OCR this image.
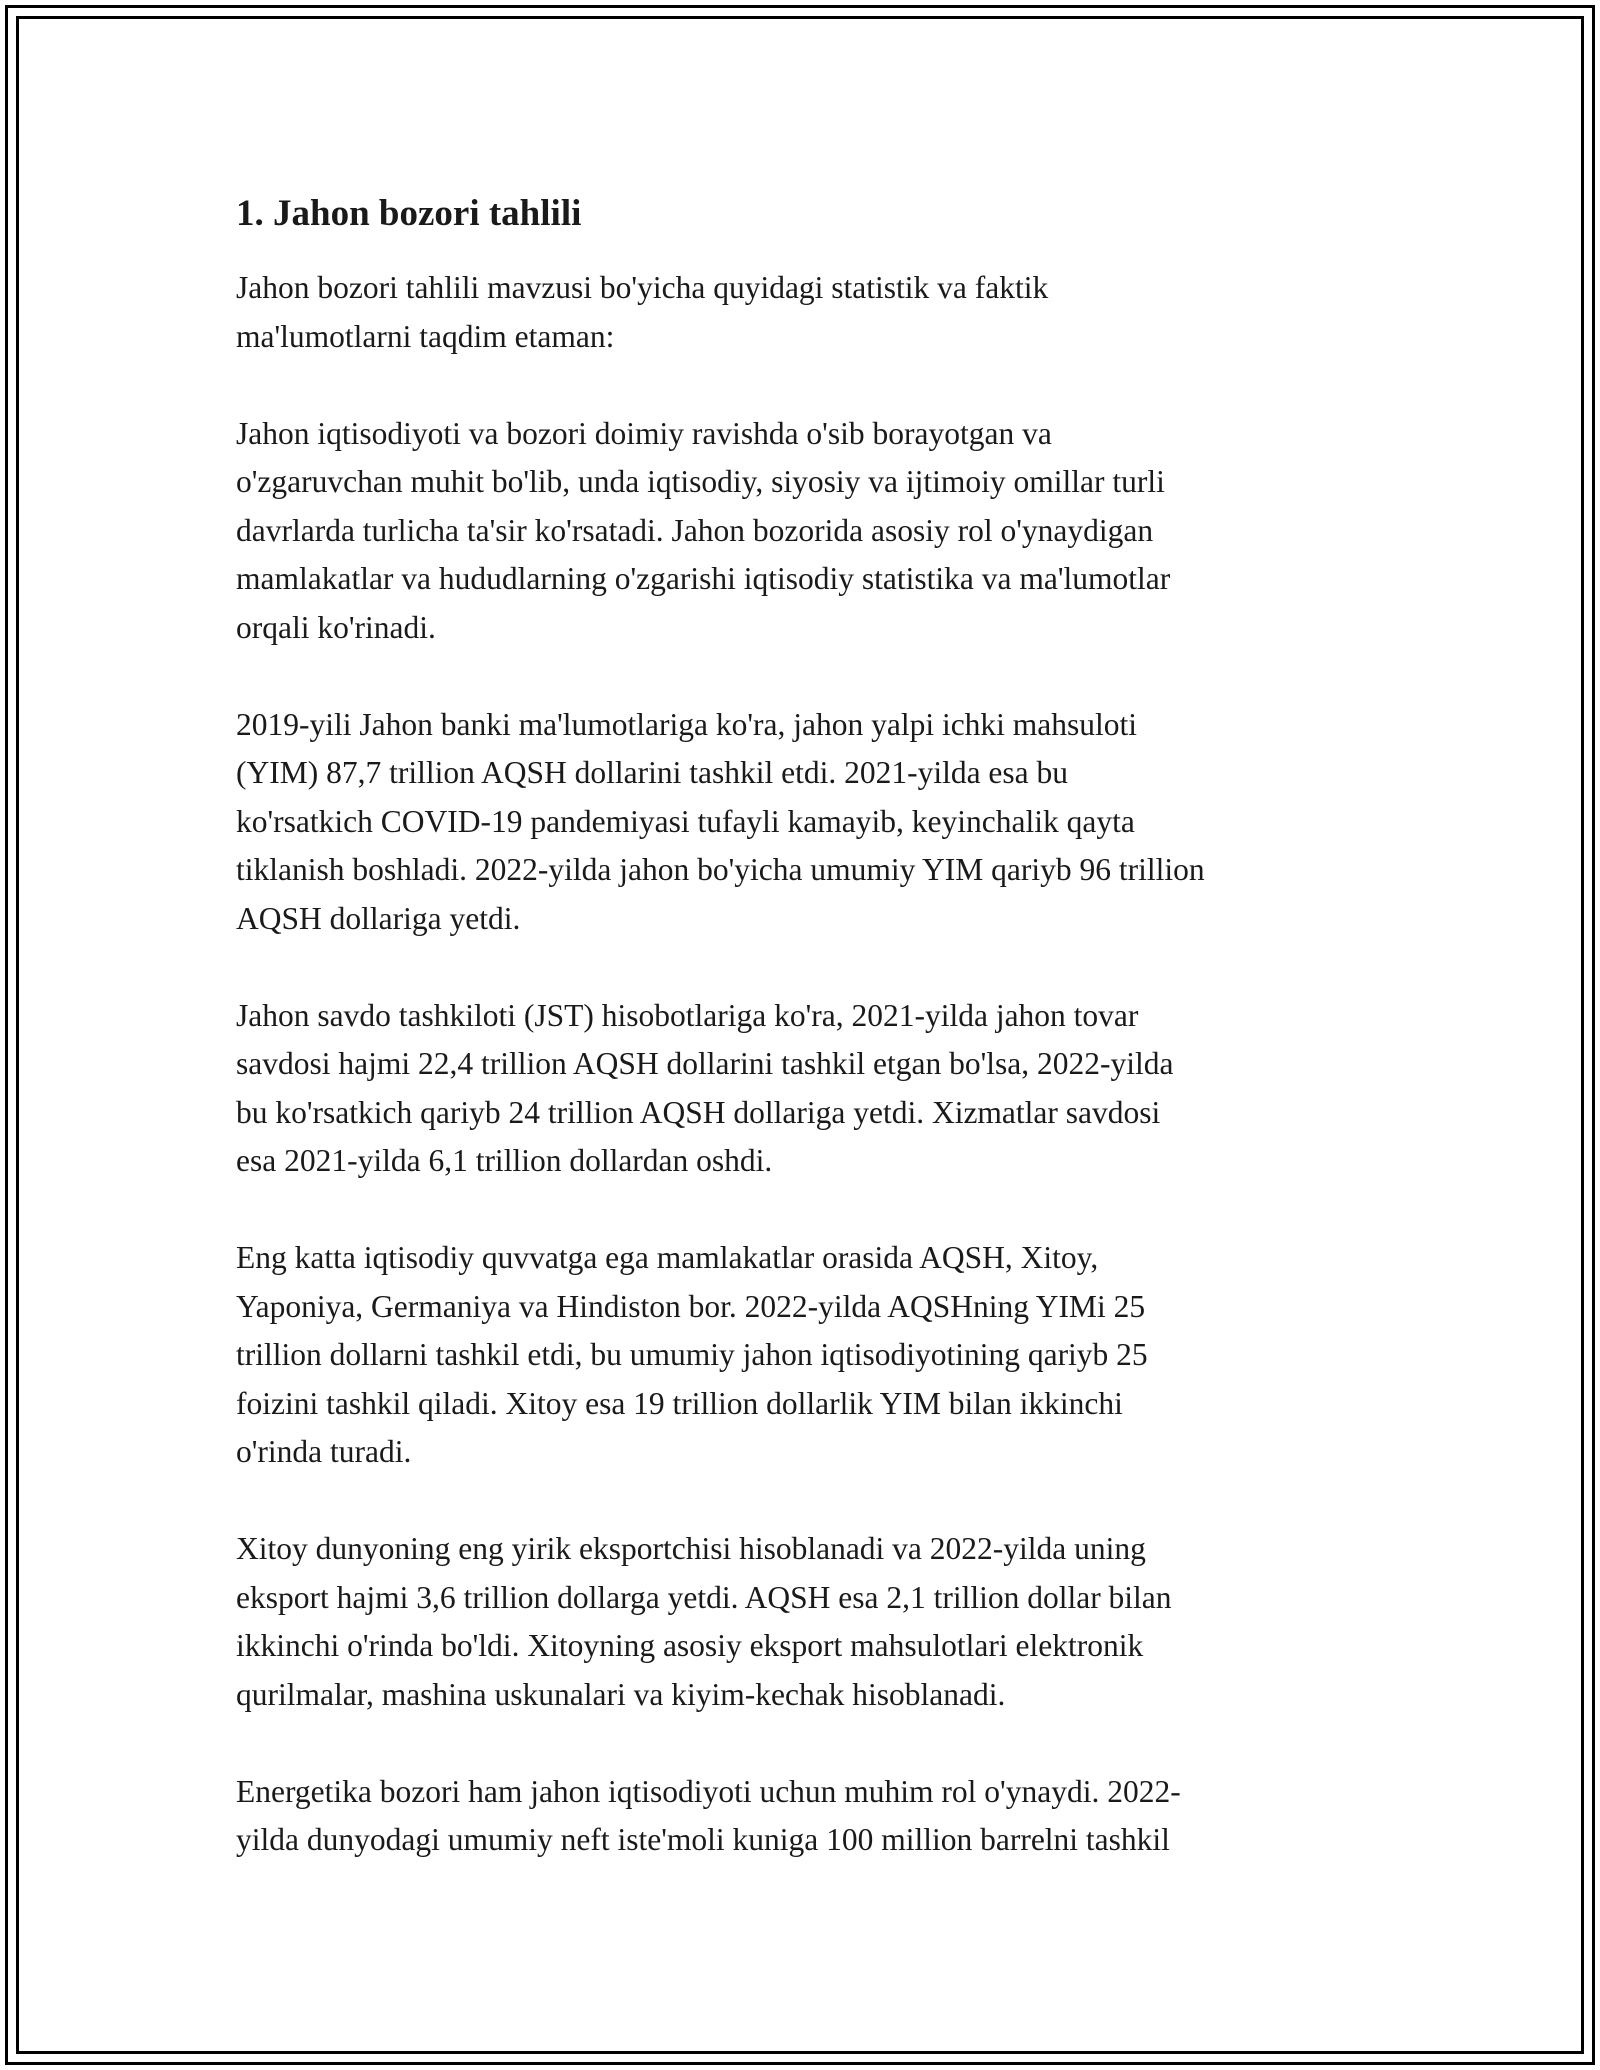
1. Jahon bozori tahlili

Jahon bozori tahlili mavzusi bo'yicha quyidagi statistik va faktik
ma'lumotlarni taqdim etaman:

Jahon iqtisodiyoti va bozori doimiy ravishda o'sib borayotgan va
o'zgaruvchan muhit bo'lib, unda iqtisodiy, siyosiy va ijtimoiy omillar turli
davrlarda turlicha ta'sir ko'rsatadi. Jahon bozorida asosiy rol o'ynaydigan
mamlakatlar va hududlarning o'zgarishi iqtisodiy statistika va ma'lumotlar
orqali ko'rinadi.

2019-yili Jahon banki ma'lumotlariga ko'ra, jahon yalpi ichki mahsuloti
(YIM) 87,7 trillion AQSH dollarini tashkil etdi. 2021-yilda esa bu
ko'rsatkich COVID-19 pandemiyasi tufayli kamayib, keyinchalik qayta
tiklanish boshladi. 2022-yilda jahon bo'yicha umumiy YIM qariyb 96 trillion
AQSH dollariga yetdi.

Jahon savdo tashkiloti (JST) hisobotlariga ko'ra, 2021-yilda jahon tovar
savdosi hajmi 22,4 trillion AQSH dollarini tashkil etgan bo'lsa, 2022-yilda
bu ko'rsatkich qariyb 24 trillion AQSH dollariga yetdi. Xizmatlar savdosi
esa 2021-yilda 6,1 trillion dollardan oshdi.

Eng katta iqtisodiy quvvatga ega mamlakatlar orasida AQSH, Xitoy,
Yaponiya, Germaniya va Hindiston bor. 2022-yilda AQSHning YIMi 25
trillion dollarni tashkil etdi, bu umumiy jahon iqtisodiyotining qariyb 25
foizini tashkil qiladi. Xitoy esa 19 trillion dollarlik YIM bilan ikkinchi
o'rinda turadi.

Xitoy dunyoning eng yirik eksportchisi hisoblanadi va 2022-yilda uning
eksport hajmi 3,6 trillion dollarga yetdi. AQSH esa 2,1 trillion dollar bilan
ikkinchi o'rinda bo'ldi. Xitoyning asosiy eksport mahsulotlari elektronik
qurilmalar, mashina uskunalari va kiyim-kechak hisoblanadi.

Energetika bozori ham jahon iqtisodiyoti uchun muhim rol o'ynaydi. 2022-
yilda dunyodagi umumiy neft iste'moli kuniga 100 million barrelni tashkil
